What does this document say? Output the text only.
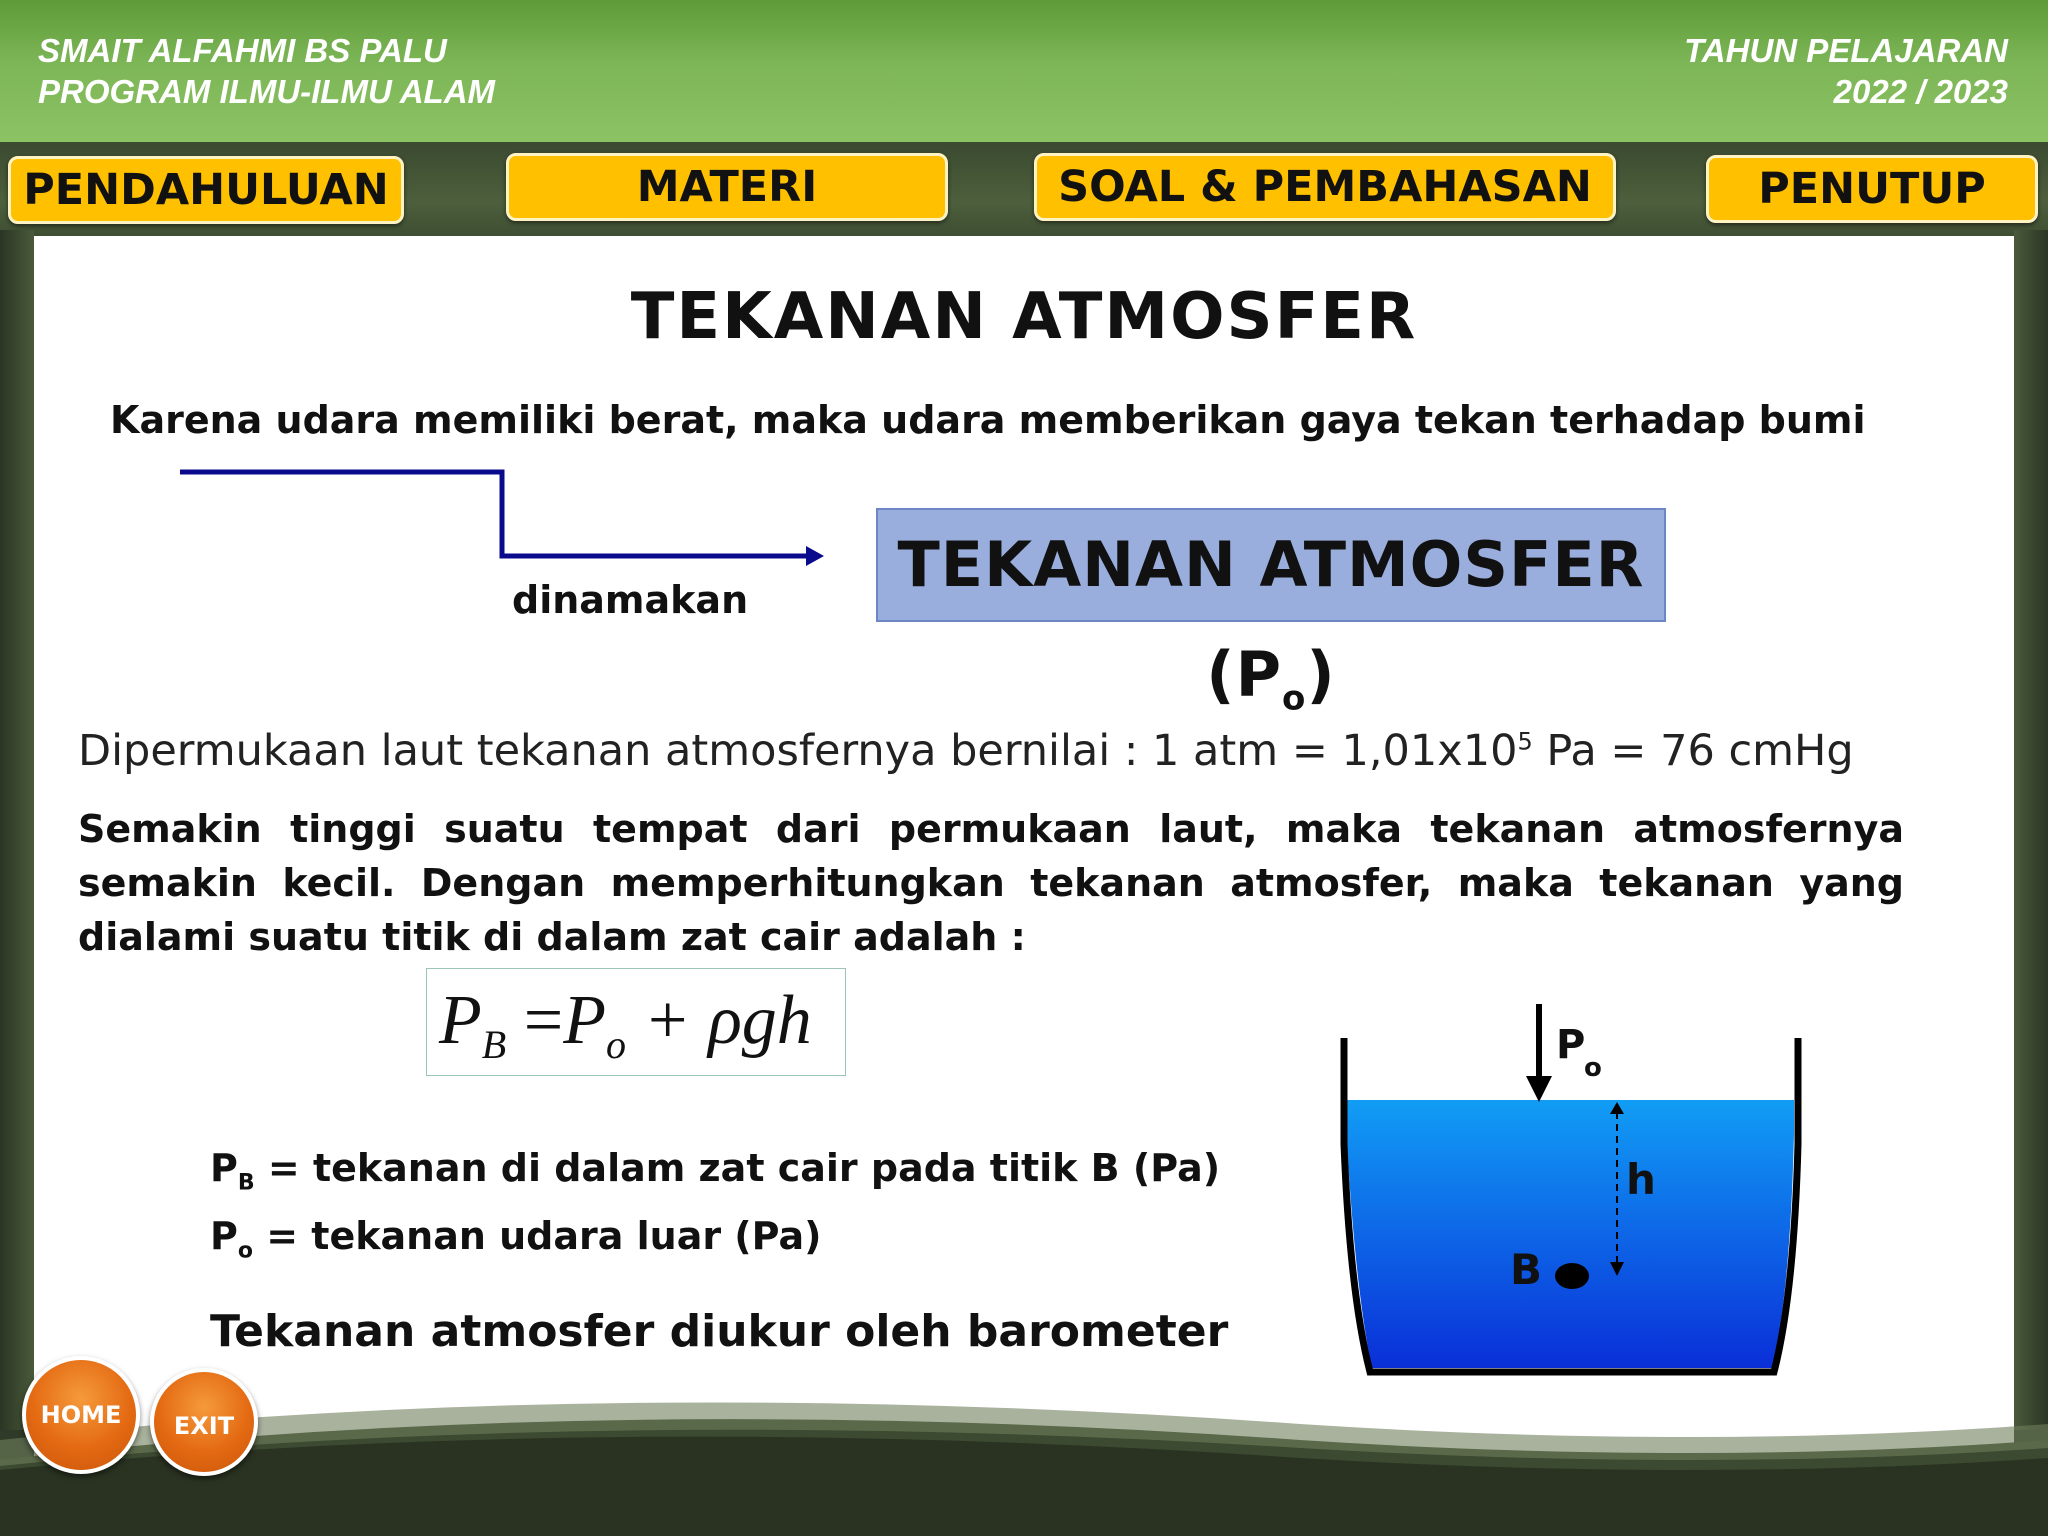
SMAIT ALFAHMI BS PALU
PROGRAM ILMU-ILMU ALAM
TAHUN PELAJARAN
2022 / 2023
PENDAHULUAN	MATERI	SOAL & PEMBAHASAN	PENUTUP
TEKANAN ATMOSFER
Karena udara memiliki berat, maka udara memberikan gaya tekan terhadap bumi
dinamakan	TEKANAN ATMOSFER $(P_o)$
Dipermukaan laut tekanan atmosfernya bernilai : 1 atm = $1,01x10^5$ Pa = 76 cmHg
Semakin tinggi suatu tempat dari permukaan laut, maka tekanan atmosfernya semakin kecil. Dengan memperhitungkan tekanan atmosfer, maka tekanan yang dialami suatu titik di dalam zat cair adalah :
$P_B =P_o + \rho gh$
$P_B$ = tekanan di dalam zat cair pada titik B (Pa)
$P_o$ = tekanan udara luar (Pa)
Tekanan atmosfer diukur oleh barometer
P
o
h
B
HOME	EXIT
